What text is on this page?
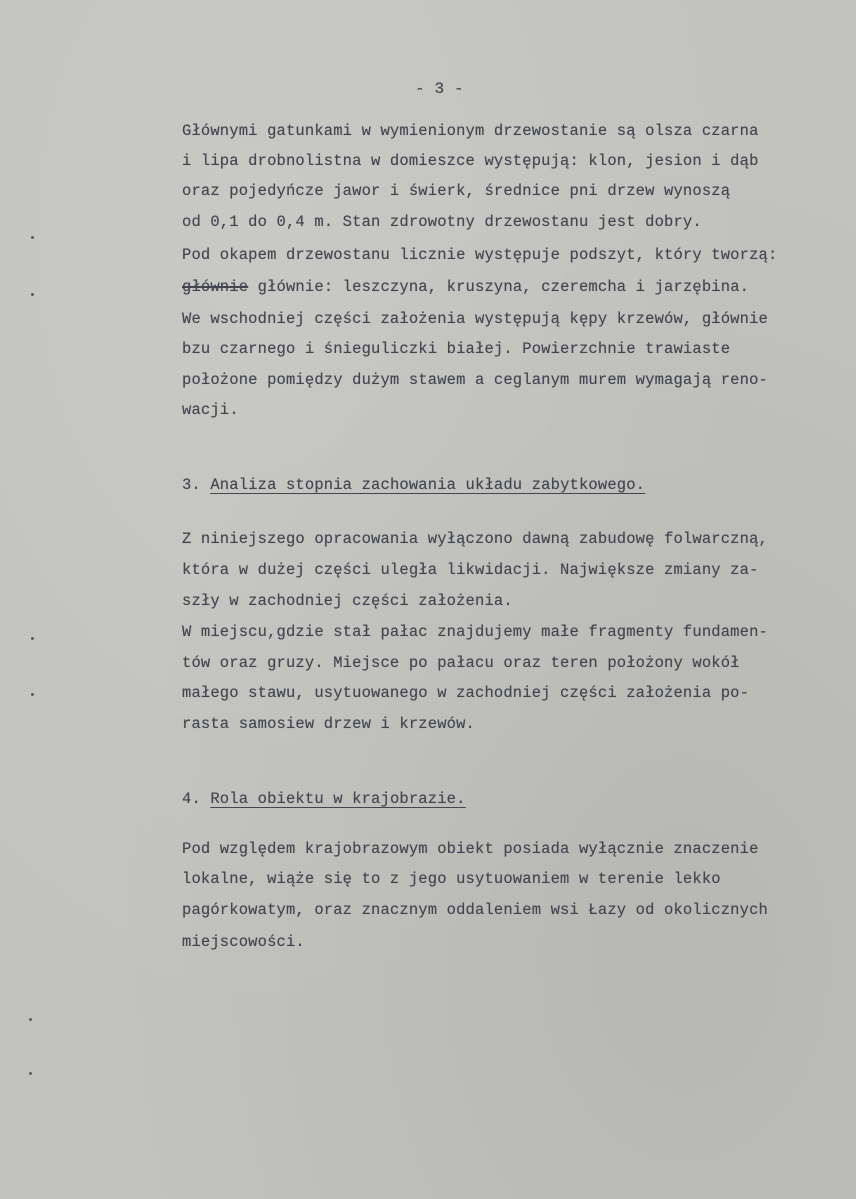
- 3 -
Głównymi gatunkami w wymienionym drzewostanie są olsza czarna
i lipa drobnolistna w domieszce występują: klon, jesion i dąb
oraz pojedyńcze jawor i świerk, średnice pni drzew wynoszą
od 0,1 do 0,4 m. Stan zdrowotny drzewostanu jest dobry.
Pod okapem drzewostanu licznie występuje podszyt, który tworzą:
głównie głównie: leszczyna, kruszyna, czeremcha i jarzębina.
We wschodniej części założenia występują kępy krzewów, głównie
bzu czarnego i śnieguliczki białej. Powierzchnie trawiaste
położone pomiędzy dużym stawem a ceglanym murem wymagają reno-
wacji.
3. Analiza stopnia zachowania układu zabytkowego.
Z niniejszego opracowania wyłączono dawną zabudowę folwarczną,
która w dużej części uległa likwidacji. Największe zmiany za-
szły w zachodniej części założenia.
W miejscu,gdzie stał pałac znajdujemy małe fragmenty fundamen-
tów oraz gruzy. Miejsce po pałacu oraz teren położony wokół
małego stawu, usytuowanego w zachodniej części założenia po-
rasta samosiew drzew i krzewów.
4. Rola obiektu w krajobrazie.
Pod względem krajobrazowym obiekt posiada wyłącznie znaczenie
lokalne, wiąże się to z jego usytuowaniem w terenie lekko
pagórkowatym, oraz znacznym oddaleniem wsi Łazy od okolicznych
miejscowości.
